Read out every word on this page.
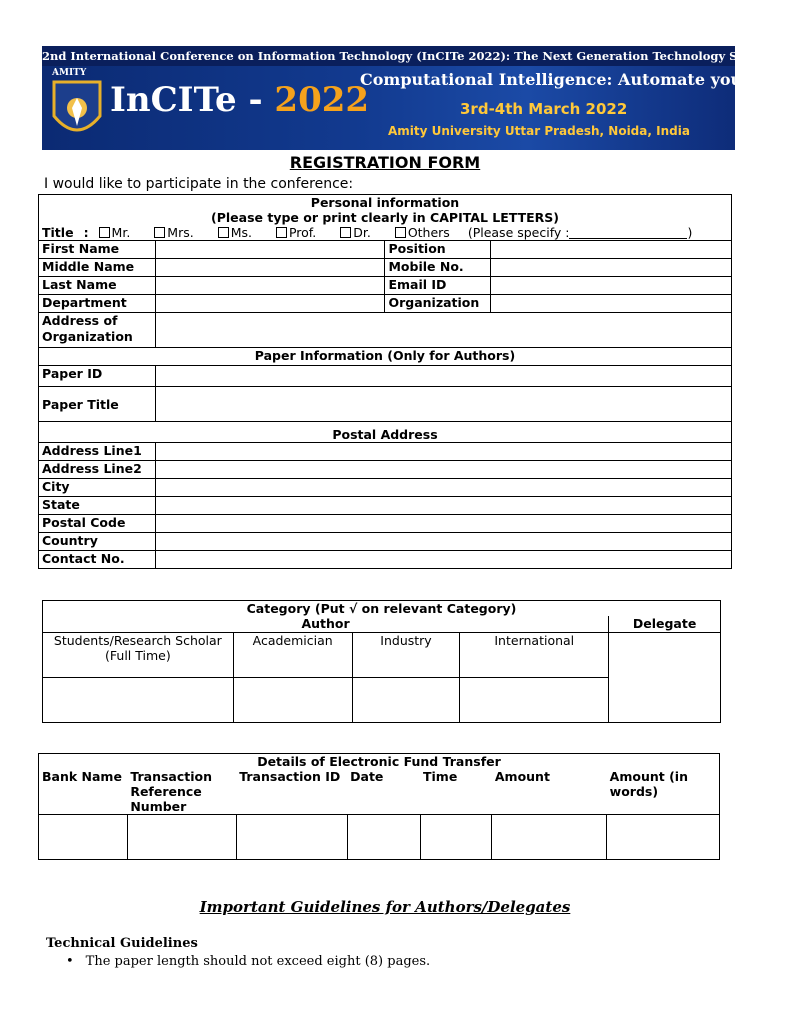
2nd International Conference on Information Technology (InCITe 2022): The Next Generation Technology Summit
AMITY
InCITe - 2022
Computational Intelligence: Automate your world
3rd-4th March 2022
Amity University Uttar Pradesh, Noida, India
REGISTRATION FORM
I would like to participate in the conference:
Personal information
(Please type or print clearly in CAPITAL LETTERS)			
Title : Mr. Mrs. Ms. Prof. Dr. Others (Please specify : )			
First Name		Position	
Middle Name		Mobile No.	
Last Name		Email ID	
Department		Organization	
Address of Organization			
Paper Information (Only for Authors)			
Paper ID			
Paper Title			
Postal Address			
Address Line1			
Address Line2			
City			
State			
Postal Code			
Country			
Contact No.			
Category (Put √ on relevant Category)				
Author				Delegate
Students/Research Scholar (Full Time)	Academician	Industry	International	

Details of Electronic Fund Transfer						
Bank Name	Transaction Reference Number	Transaction ID	Date	Time	Amount	Amount (in words)

Important Guidelines for Authors/Delegates
Technical Guidelines
• The paper length should not exceed eight (8) pages.
